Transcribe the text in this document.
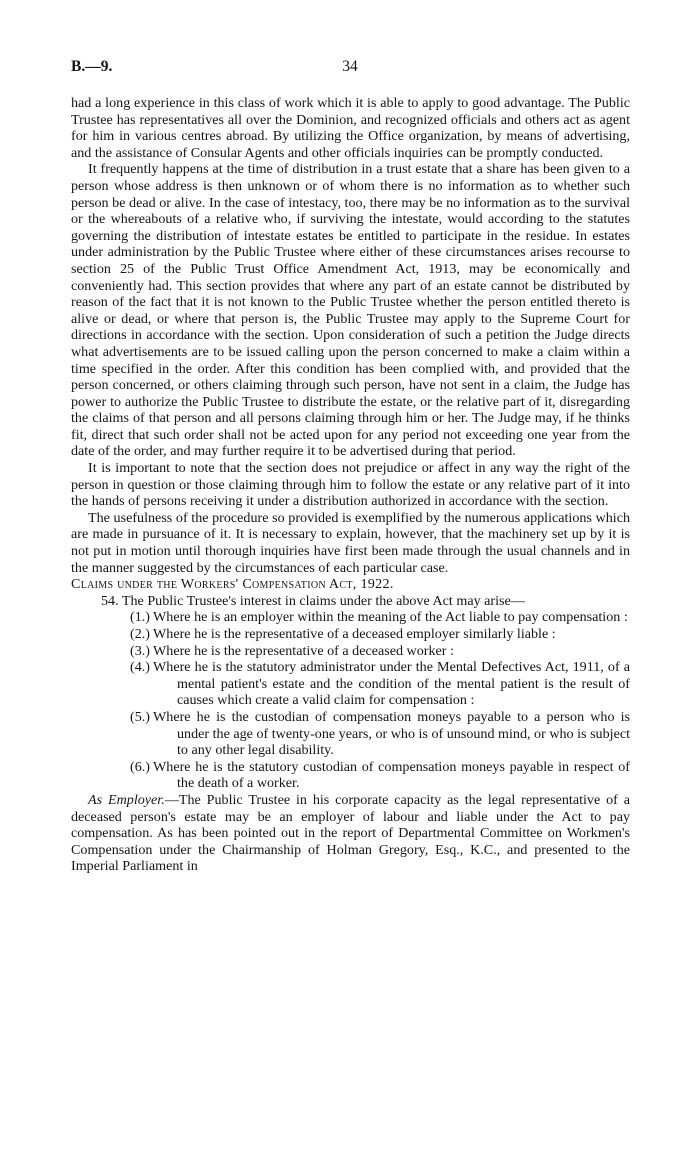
B.—9.	34

had a long experience in this class of work which it is able to apply to good advantage. The Public Trustee has representatives all over the Dominion, and recognized officials and others act as agent for him in various centres abroad. By utilizing the Office organization, by means of advertising, and the assistance of Consular Agents and other officials inquiries can be promptly conducted.

It frequently happens at the time of distribution in a trust estate that a share has been given to a person whose address is then unknown or of whom there is no information as to whether such person be dead or alive. In the case of intestacy, too, there may be no information as to the survival or the whereabouts of a relative who, if surviving the intestate, would according to the statutes governing the distribution of intestate estates be entitled to participate in the residue. In estates under administration by the Public Trustee where either of these circumstances arises recourse to section 25 of the Public Trust Office Amendment Act, 1913, may be economically and conveniently had. This section provides that where any part of an estate cannot be distributed by reason of the fact that it is not known to the Public Trustee whether the person entitled thereto is alive or dead, or where that person is, the Public Trustee may apply to the Supreme Court for directions in accordance with the section. Upon consideration of such a petition the Judge directs what advertisements are to be issued calling upon the person concerned to make a claim within a time specified in the order. After this condition has been complied with, and provided that the person concerned, or others claiming through such person, have not sent in a claim, the Judge has power to authorize the Public Trustee to distribute the estate, or the relative part of it, disregarding the claims of that person and all persons claiming through him or her. The Judge may, if he thinks fit, direct that such order shall not be acted upon for any period not exceeding one year from the date of the order, and may further require it to be advertised during that period.

It is important to note that the section does not prejudice or affect in any way the right of the person in question or those claiming through him to follow the estate or any relative part of it into the hands of persons receiving it under a distribution authorized in accordance with the section.

The usefulness of the procedure so provided is exemplified by the numerous applications which are made in pursuance of it. It is necessary to explain, however, that the machinery set up by it is not put in motion until thorough inquiries have first been made through the usual channels and in the manner suggested by the circumstances of each particular case.

Claims under the Workers' Compensation Act, 1922.

54. The Public Trustee's interest in claims under the above Act may arise—

(1.) Where he is an employer within the meaning of the Act liable to pay compensation :
(2.) Where he is the representative of a deceased employer similarly liable :
(3.) Where he is the representative of a deceased worker :
(4.) Where he is the statutory administrator under the Mental Defectives Act, 1911, of a mental patient's estate and the condition of the mental patient is the result of causes which create a valid claim for compensation :
(5.) Where he is the custodian of compensation moneys payable to a person who is under the age of twenty-one years, or who is of unsound mind, or who is subject to any other legal disability.
(6.) Where he is the statutory custodian of compensation moneys payable in respect of the death of a worker.

As Employer.—The Public Trustee in his corporate capacity as the legal representative of a deceased person's estate may be an employer of labour and liable under the Act to pay compensation. As has been pointed out in the report of Departmental Committee on Workmen's Compensation under the Chairmanship of Holman Gregory, Esq., K.C., and presented to the Imperial Parliament in
